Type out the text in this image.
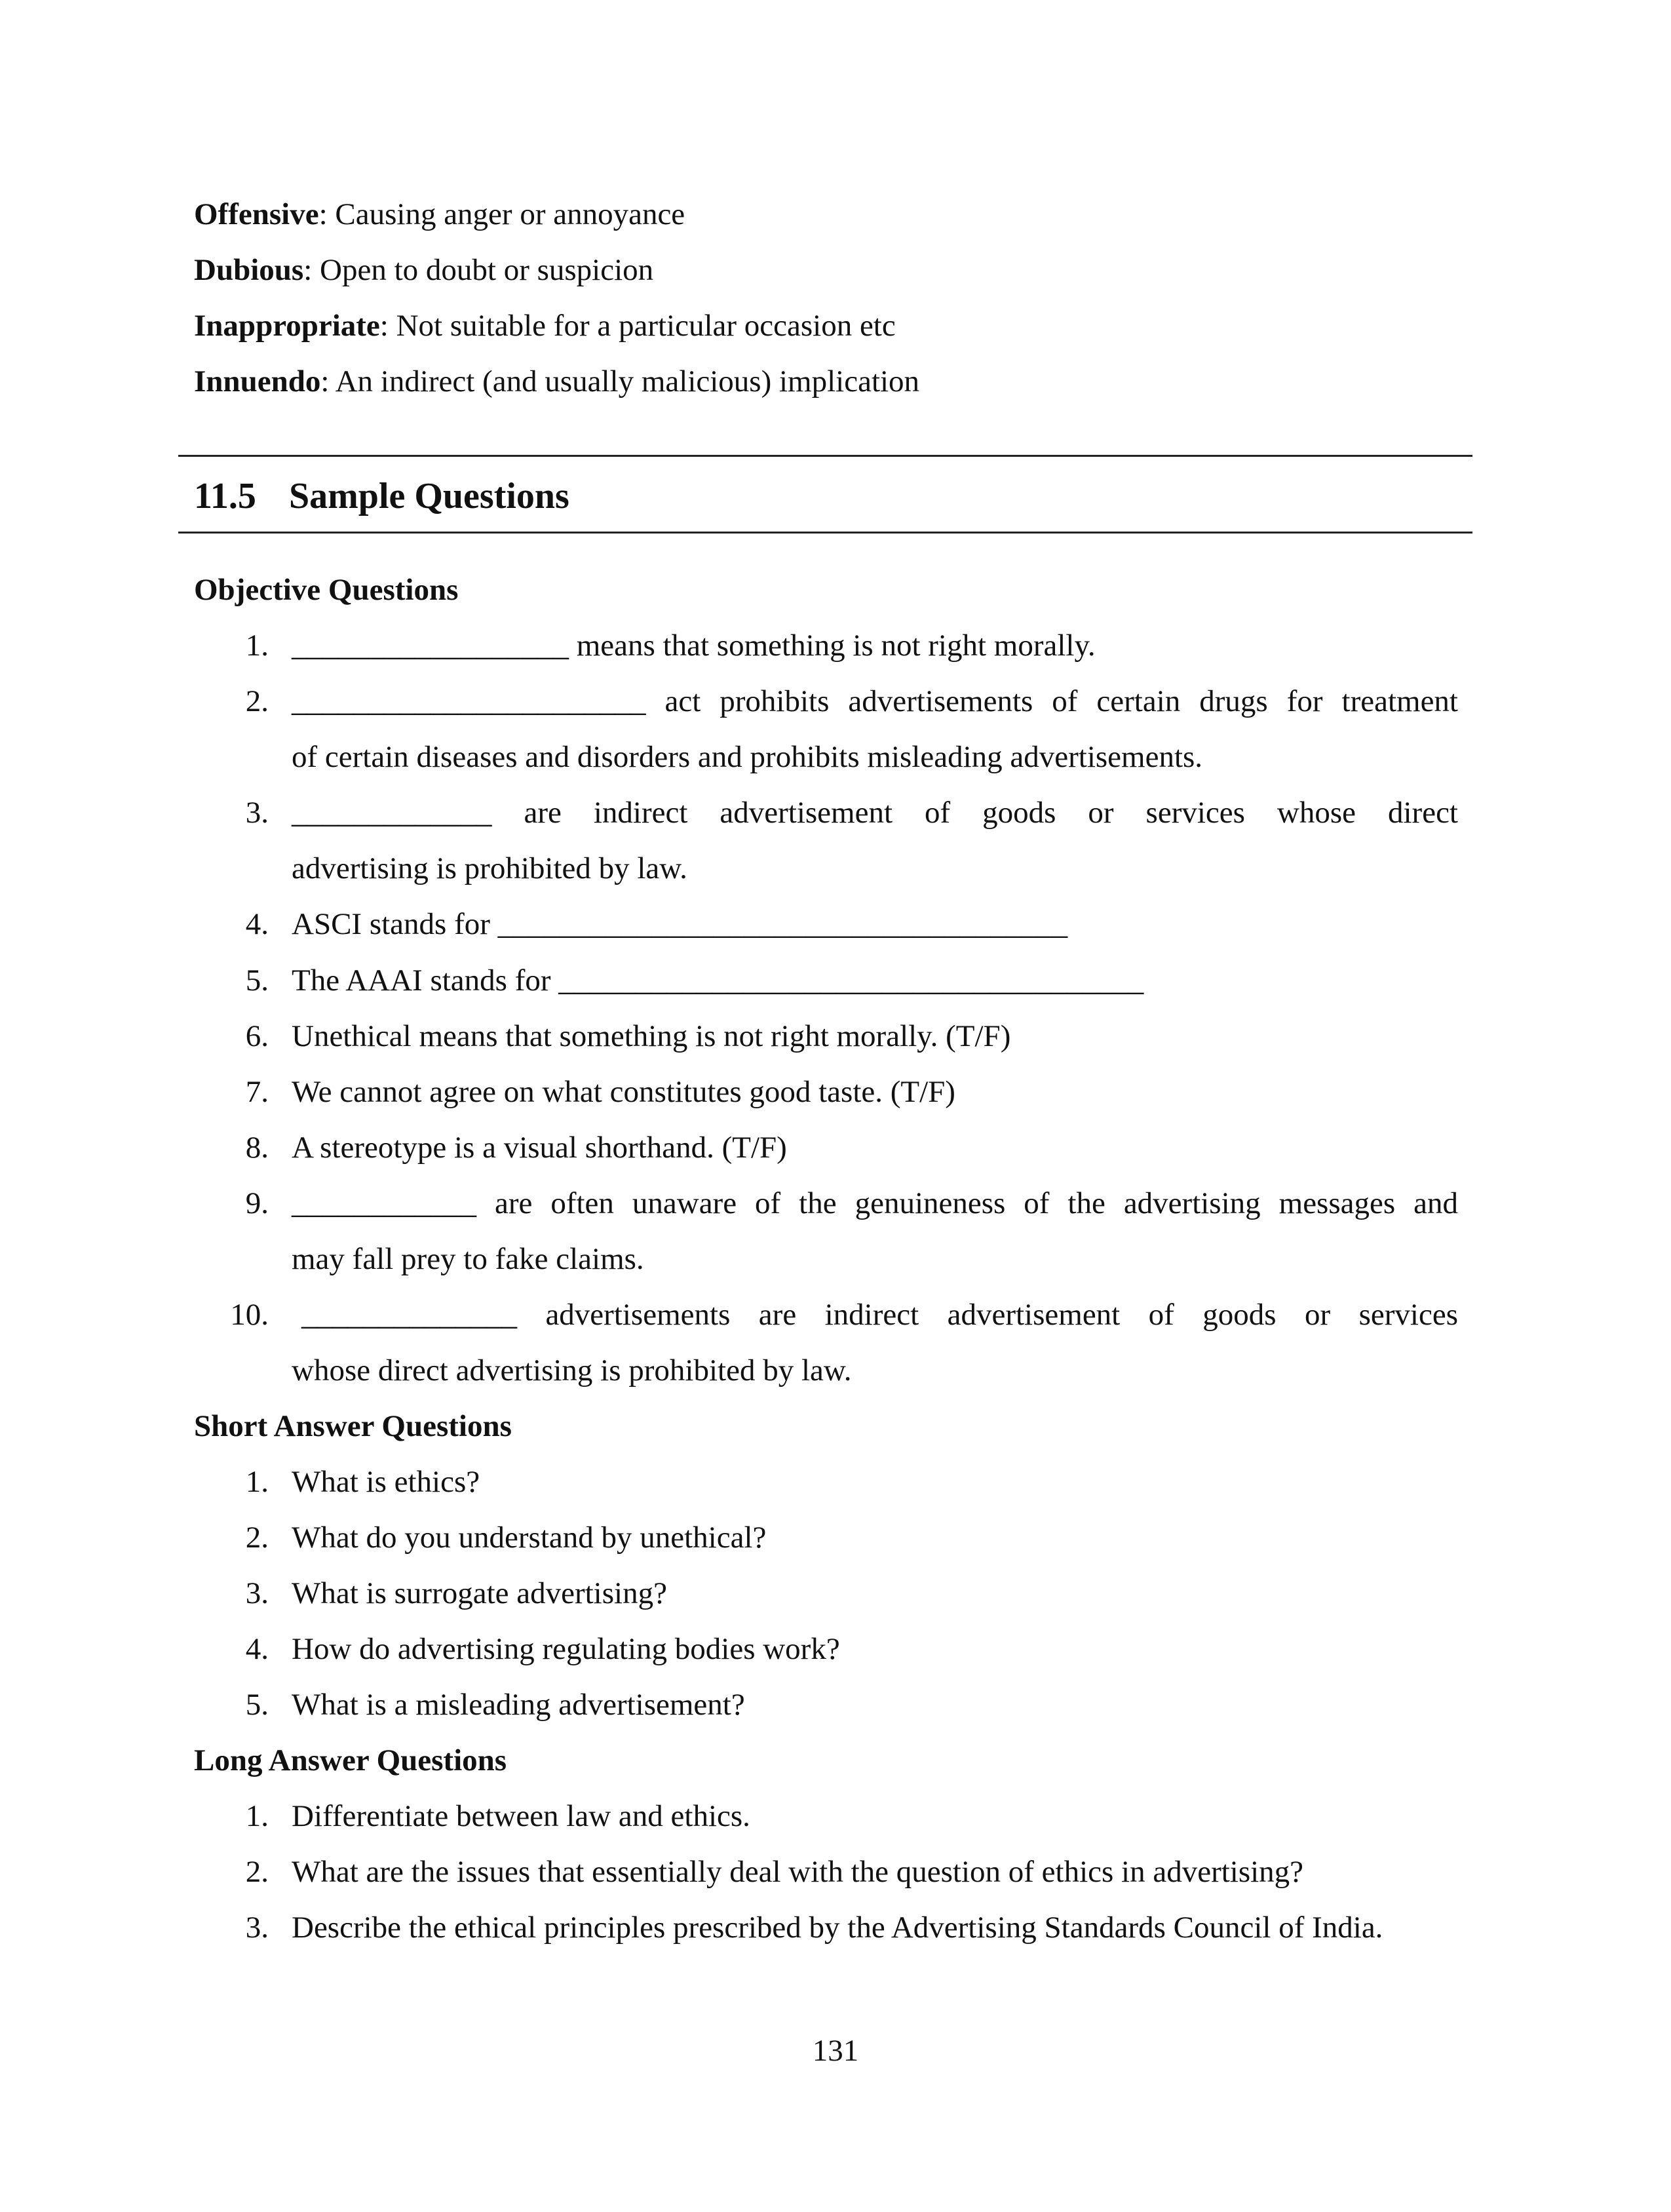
Offensive: Causing anger or annoyance
Dubious: Open to doubt or suspicion
Inappropriate: Not suitable for a particular occasion etc
Innuendo: An indirect (and usually malicious) implication
11.5 Sample Questions
Objective Questions
1. __________________ means that something is not right morally.
2. _______________________ act prohibits advertisements of certain drugs for treatment
of certain diseases and disorders and prohibits misleading advertisements.
3. _____________ are indirect advertisement of goods or services whose direct
advertising is prohibited by law.
4. ASCI stands for _____________________________________
5. The AAAI stands for ______________________________________
6. Unethical means that something is not right morally. (T/F)
7. We cannot agree on what constitutes good taste. (T/F)
8. A stereotype is a visual shorthand. (T/F)
9. ____________ are often unaware of the genuineness of the advertising messages and
may fall prey to fake claims.
10. ______________ advertisements are indirect advertisement of goods or services
whose direct advertising is prohibited by law.
Short Answer Questions
1. What is ethics?
2. What do you understand by unethical?
3. What is surrogate advertising?
4. How do advertising regulating bodies work?
5. What is a misleading advertisement?
Long Answer Questions
1. Differentiate between law and ethics.
2. What are the issues that essentially deal with the question of ethics in advertising?
3. Describe the ethical principles prescribed by the Advertising Standards Council of India.
131
